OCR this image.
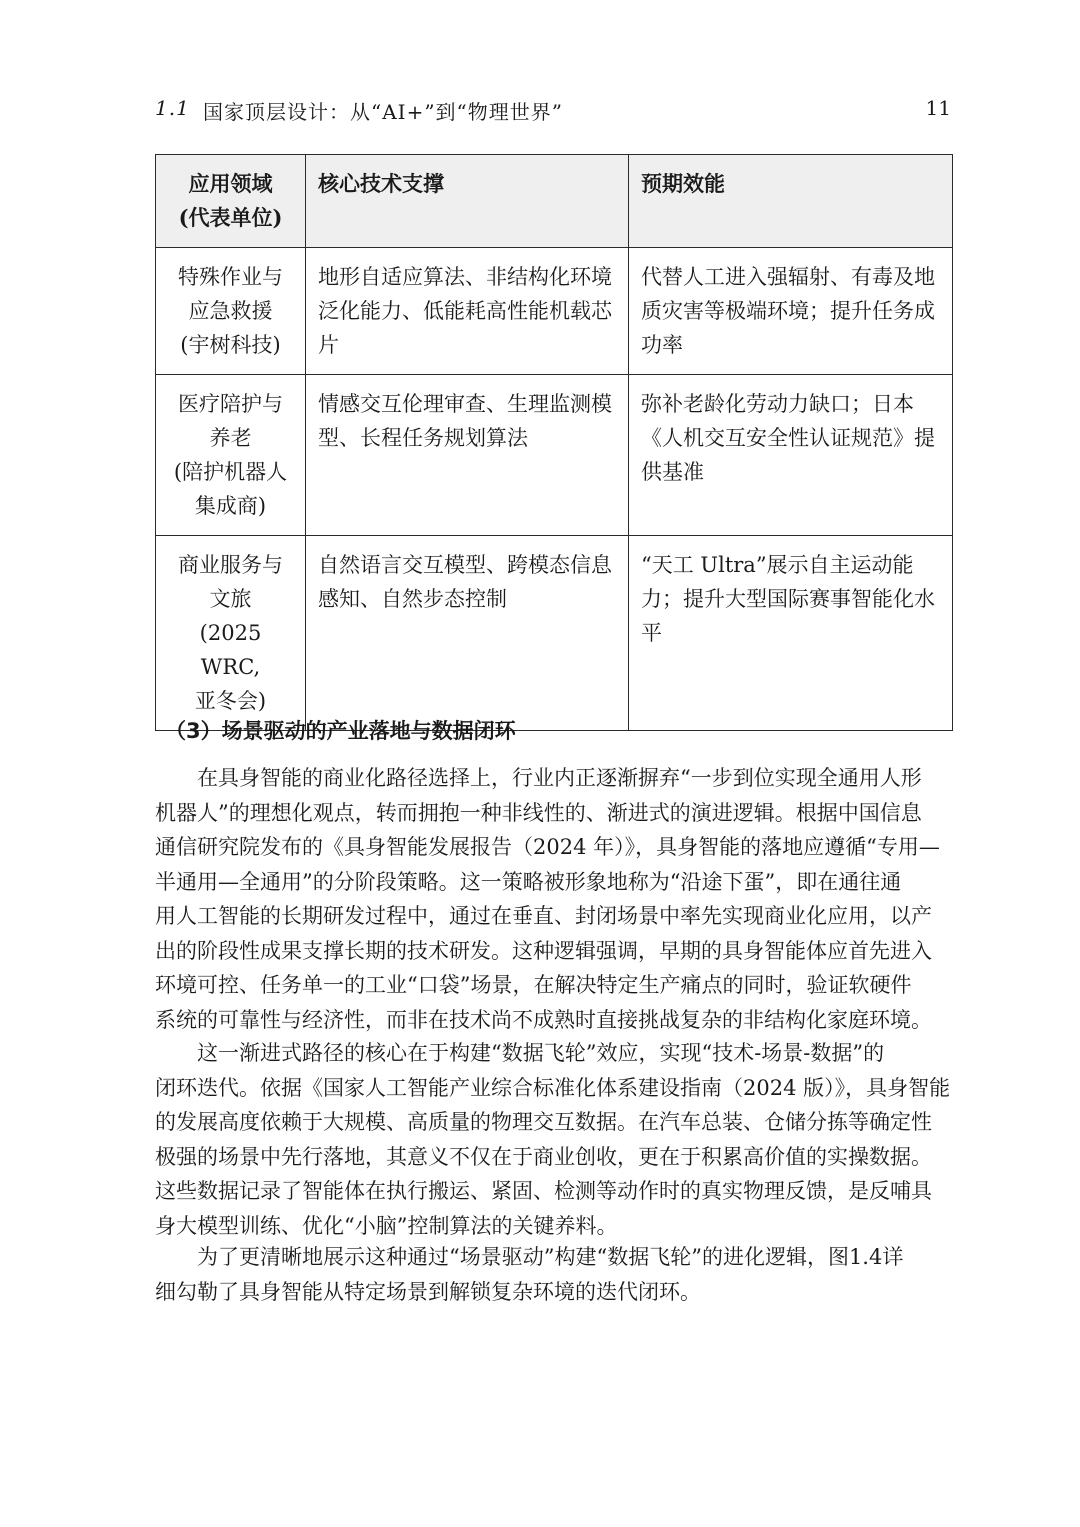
1.1 国家顶层设计：从“AI+”到“物理世界”	11
应用领域
(代表单位)	核心技术支撑	预期效能

特殊作业与
应急救援
(宇树科技)	地形自适应算法、非结构化环境
泛化能力、低能耗高性能机载芯
片	代替人工进入强辐射、有毒及地
质灾害等极端环境；提升任务成
功率

医疗陪护与
养老
(陪护机器人
集成商)	情感交互伦理审查、生理监测模
型、长程任务规划算法	弥补老龄化劳动力缺口；日本
《人机交互安全性认证规范》提
供基准

商业服务与
文旅
(2025 WRC,
亚冬会)	自然语言交互模型、跨模态信息
感知、自然步态控制	“天工 Ultra”展示自主运动能
力；提升大型国际赛事智能化水
平
（3）场景驱动的产业落地与数据闭环
在具身智能的商业化路径选择上，行业内正逐渐摒弃“一步到位实现全通用人形
机器人”的理想化观点，转而拥抱一种非线性的、渐进式的演进逻辑。根据中国信息
通信研究院发布的《具身智能发展报告（2024 年）》，具身智能的落地应遵循“专用—
半通用—全通用”的分阶段策略。这一策略被形象地称为“沿途下蛋”，即在通往通
用人工智能的长期研发过程中，通过在垂直、封闭场景中率先实现商业化应用，以产
出的阶段性成果支撑长期的技术研发。这种逻辑强调，早期的具身智能体应首先进入
环境可控、任务单一的工业“口袋”场景，在解决特定生产痛点的同时，验证软硬件
系统的可靠性与经济性，而非在技术尚不成熟时直接挑战复杂的非结构化家庭环境。
这一渐进式路径的核心在于构建“数据飞轮”效应，实现“技术-场景-数据”的
闭环迭代。依据《国家人工智能产业综合标准化体系建设指南（2024 版）》，具身智能
的发展高度依赖于大规模、高质量的物理交互数据。在汽车总装、仓储分拣等确定性
极强的场景中先行落地，其意义不仅在于商业创收，更在于积累高价值的实操数据。
这些数据记录了智能体在执行搬运、紧固、检测等动作时的真实物理反馈，是反哺具
身大模型训练、优化“小脑”控制算法的关键养料。
为了更清晰地展示这种通过“场景驱动”构建“数据飞轮”的进化逻辑，图1.4详
细勾勒了具身智能从特定场景到解锁复杂环境的迭代闭环。
